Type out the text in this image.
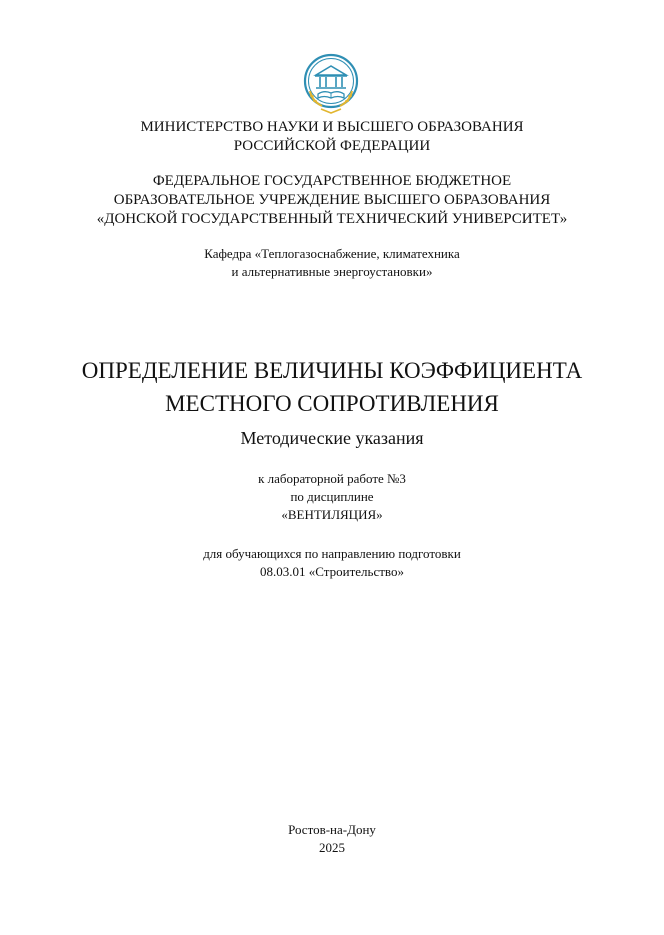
МИНИСТЕРСТВО НАУКИ И ВЫСШЕГО ОБРАЗОВАНИЯ
РОССИЙСКОЙ ФЕДЕРАЦИИ
ФЕДЕРАЛЬНОЕ ГОСУДАРСТВЕННОЕ БЮДЖЕТНОЕ
ОБРАЗОВАТЕЛЬНОЕ УЧРЕЖДЕНИЕ ВЫСШЕГО ОБРАЗОВАНИЯ
«ДОНСКОЙ ГОСУДАРСТВЕННЫЙ ТЕХНИЧЕСКИЙ УНИВЕРСИТЕТ»
Кафедра «Теплогазоснабжение, климатехника
и альтернативные энергоустановки»
ОПРЕДЕЛЕНИЕ ВЕЛИЧИНЫ КОЭФФИЦИЕНТА
МЕСТНОГО СОПРОТИВЛЕНИЯ
Методические указания
к лабораторной работе №3
по дисциплине
«ВЕНТИЛЯЦИЯ»
для обучающихся по направлению подготовки
08.03.01 «Строительство»
Ростов-на-Дону
2025
